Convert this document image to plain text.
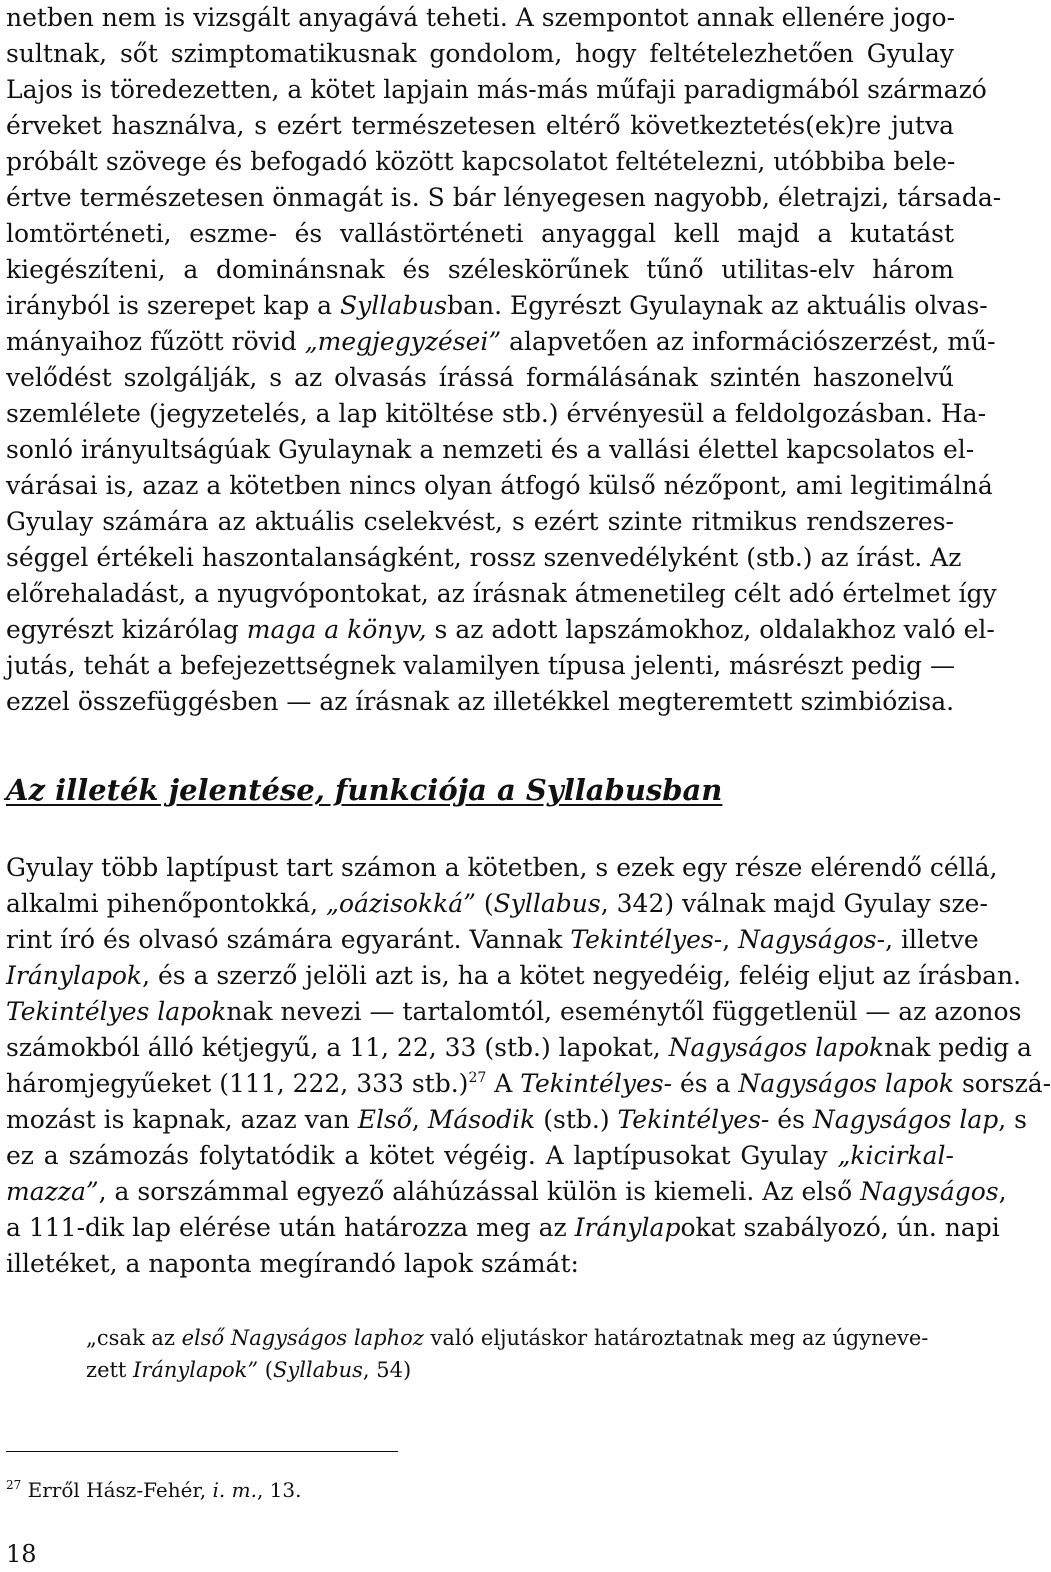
netben nem is vizsgált anyagává teheti. A szempontot annak ellenére jogo-
sultnak, sőt szimptomatikusnak gondolom, hogy feltételezhetően Gyulay
Lajos is töredezetten, a kötet lapjain más-más műfaji paradigmából származó
érveket használva, s ezért természetesen eltérő következtetés(ek)re jutva
próbált szövege és befogadó között kapcsolatot feltételezni, utóbbiba bele-
értve természetesen önmagát is. S bár lényegesen nagyobb, életrajzi, társada-
lomtörténeti, eszme- és vallástörténeti anyaggal kell majd a kutatást
kiegészíteni, a dominánsnak és széleskörűnek tűnő utilitas-elv három
irányból is szerepet kap a Syllabusban. Egyrészt Gyulaynak az aktuális olvas-
mányaihoz fűzött rövid „megjegyzései” alapvetően az információszerzést, mű-
velődést szolgálják, s az olvasás írássá formálásának szintén haszonelvű
szemlélete (jegyzetelés, a lap kitöltése stb.) érvényesül a feldolgozásban. Ha-
sonló irányultságúak Gyulaynak a nemzeti és a vallási élettel kapcsolatos el-
várásai is, azaz a kötetben nincs olyan átfogó külső nézőpont, ami legitimálná
Gyulay számára az aktuális cselekvést, s ezért szinte ritmikus rendszeres-
séggel értékeli haszontalanságként, rossz szenvedélyként (stb.) az írást. Az
előrehaladást, a nyugvópontokat, az írásnak átmenetileg célt adó értelmet így
egyrészt kizárólag maga a könyv, s az adott lapszámokhoz, oldalakhoz való el-
jutás, tehát a befejezettségnek valamilyen típusa jelenti, másrészt pedig —
ezzel összefüggésben — az írásnak az illetékkel megteremtett szimbiózisa.
Az illeték jelentése, funkciója a Syllabusban
Gyulay több laptípust tart számon a kötetben, s ezek egy része elérendő céllá,
alkalmi pihenőpontokká, „oázisokká” (Syllabus, 342) válnak majd Gyulay sze-
rint író és olvasó számára egyaránt. Vannak Tekintélyes-, Nagyságos-, illetve
Iránylapok, és a szerző jelöli azt is, ha a kötet negyedéig, feléig eljut az írásban.
Tekintélyes lapoknak nevezi — tartalomtól, eseménytől függetlenül — az azonos
számokból álló kétjegyű, a 11, 22, 33 (stb.) lapokat, Nagyságos lapoknak pedig a
háromjegyűeket (111, 222, 333 stb.)$^{27}$ A Tekintélyes- és a Nagyságos lapok sorszá-
mozást is kapnak, azaz van Első, Második (stb.) Tekintélyes- és Nagyságos lap, s
ez a számozás folytatódik a kötet végéig. A laptípusokat Gyulay „kicirkal-
mazza”, a sorszámmal egyező aláhúzással külön is kiemeli. Az első Nagyságos,
a 111-dik lap elérése után határozza meg az Iránylapokat szabályozó, ún. napi
illetéket, a naponta megírandó lapok számát:
„csak az első Nagyságos laphoz való eljutáskor határoztatnak meg az úgyneve-
zett Iránylapok” (Syllabus, 54)
$^{27}$ Erről Hász-Fehér, i. m., 13.
18
